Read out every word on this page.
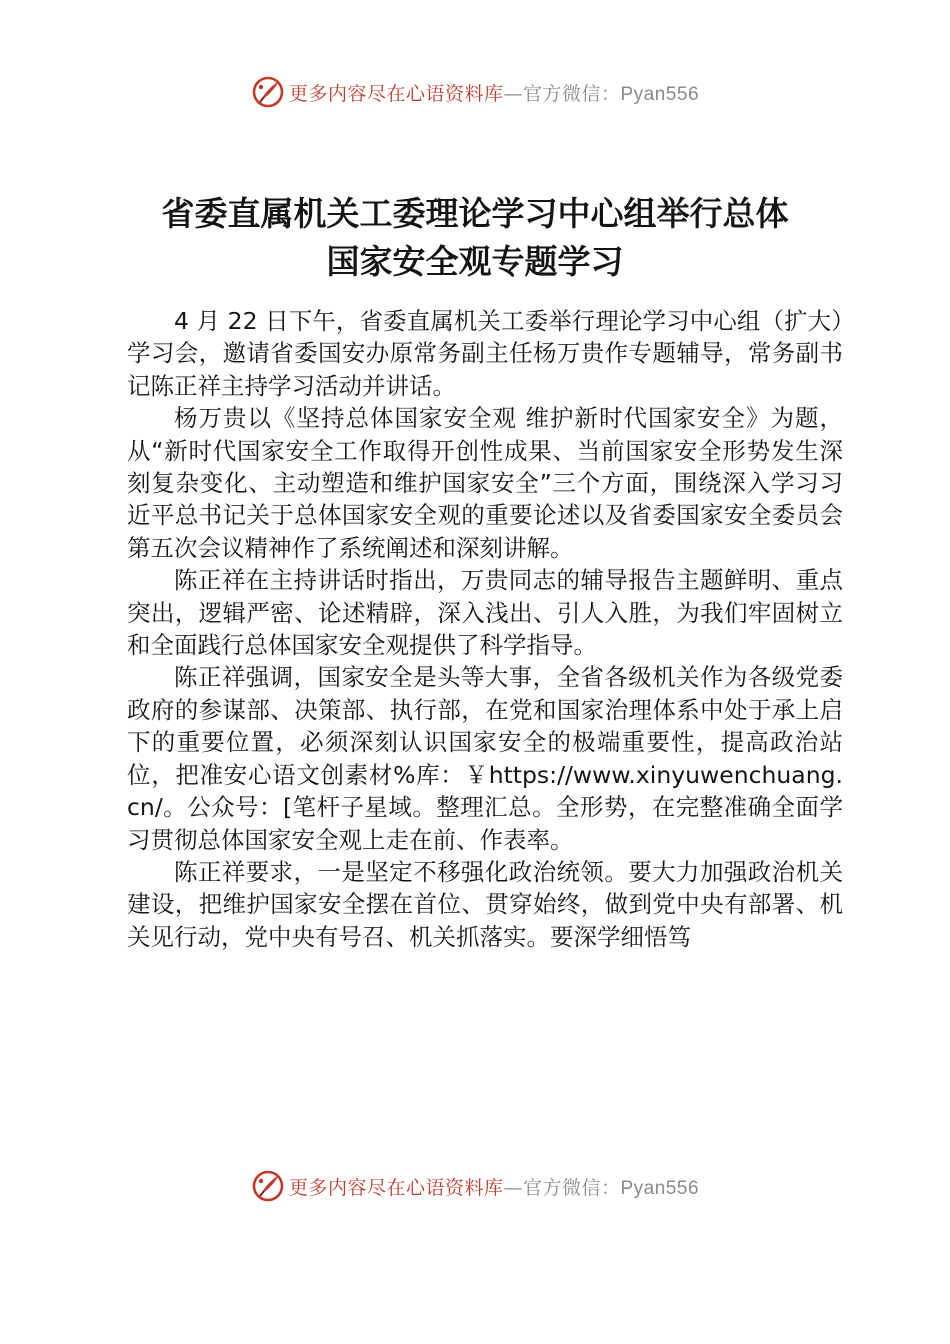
更多内容尽在心语资料库—官方微信：Pyan556
省委直属机关工委理论学习中心组举行总体
国家安全观专题学习

4 月 22 日下午，省委直属机关工委举行理论学习中心组（扩大）学习会，邀请省委国安办原常务副主任杨万贵作专题辅导，常务副书记陈正祥主持学习活动并讲话。

杨万贵以《坚持总体国家安全观 维护新时代国家安全》为题，从“新时代国家安全工作取得开创性成果、当前国家安全形势发生深刻复杂变化、主动塑造和维护国家安全”三个方面，围绕深入学习习近平总书记关于总体国家安全观的重要论述以及省委国家安全委员会第五次会议精神作了系统阐述和深刻讲解。

陈正祥在主持讲话时指出，万贵同志的辅导报告主题鲜明、重点突出，逻辑严密、论述精辟，深入浅出、引人入胜，为我们牢固树立和全面践行总体国家安全观提供了科学指导。

陈正祥强调，国家安全是头等大事，全省各级机关作为各级党委政府的参谋部、决策部、执行部，在党和国家治理体系中处于承上启下的重要位置，必须深刻认识国家安全的极端重要性，提高政治站位，把准安心语文创素材%库：￥https://www.xinyuwenchuang.cn/。公众号：[笔杆子星域。整理汇总。全形势，在完整准确全面学习贯彻总体国家安全观上走在前、作表率。

陈正祥要求，一是坚定不移强化政治统领。要大力加强政治机关建设，把维护国家安全摆在首位、贯穿始终，做到党中央有部署、机关见行动，党中央有号召、机关抓落实。要深学细悟笃

更多内容尽在心语资料库—官方微信：Pyan556
